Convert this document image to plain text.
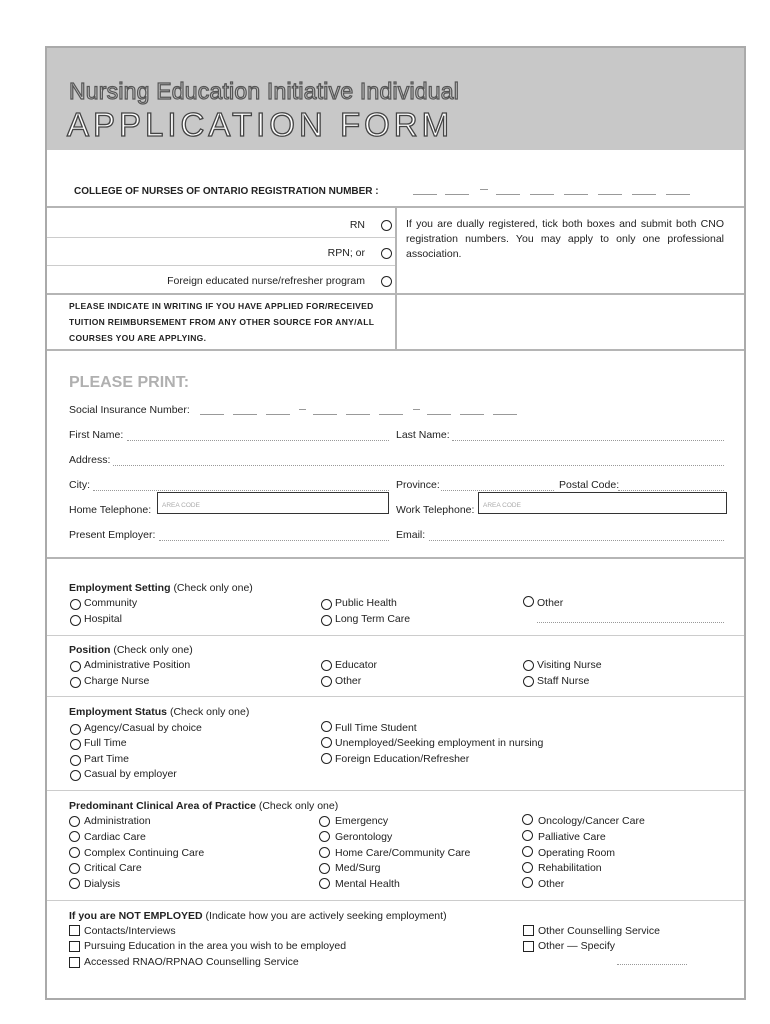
Nursing Education Initiative Individual
APPLICATION FORM
COLLEGE OF NURSES OF ONTARIO REGISTRATION NUMBER :
RN
RPN; or
Foreign educated nurse/refresher program
If you are dually registered, tick both boxes and submit both CNO registration numbers. You may apply to only one professional association.
PLEASE INDICATE IN WRITING IF YOU HAVE APPLIED FOR/RECEIVED TUITION REIMBURSEMENT FROM ANY OTHER SOURCE FOR ANY/ALL COURSES YOU ARE APPLYING.
PLEASE PRINT:
Social Insurance Number:
First Name:	Last Name:
Address:
City:	Province:	Postal Code:
Home Telephone: AREA CODE	Work Telephone: AREA CODE
Present Employer:	Email:
Employment Setting (Check only one)
Community
Hospital
Public Health
Long Term Care
Other
Position (Check only one)
Administrative Position
Charge Nurse
Educator
Other
Visiting Nurse
Staff Nurse
Employment Status (Check only one)
Agency/Casual by choice
Full Time
Part Time
Casual by employer
Full Time Student
Unemployed/Seeking employment in nursing
Foreign Education/Refresher
Predominant Clinical Area of Practice (Check only one)
Administration
Cardiac Care
Complex Continuing Care
Critical Care
Dialysis
Emergency
Gerontology
Home Care/Community Care
Med/Surg
Mental Health
Oncology/Cancer Care
Palliative Care
Operating Room
Rehabilitation
Other
If you are NOT EMPLOYED (Indicate how you are actively seeking employment)
Contacts/Interviews
Pursuing Education in the area you wish to be employed
Accessed RNAO/RPNAO Counselling Service
Other Counselling Service
Other — Specify
